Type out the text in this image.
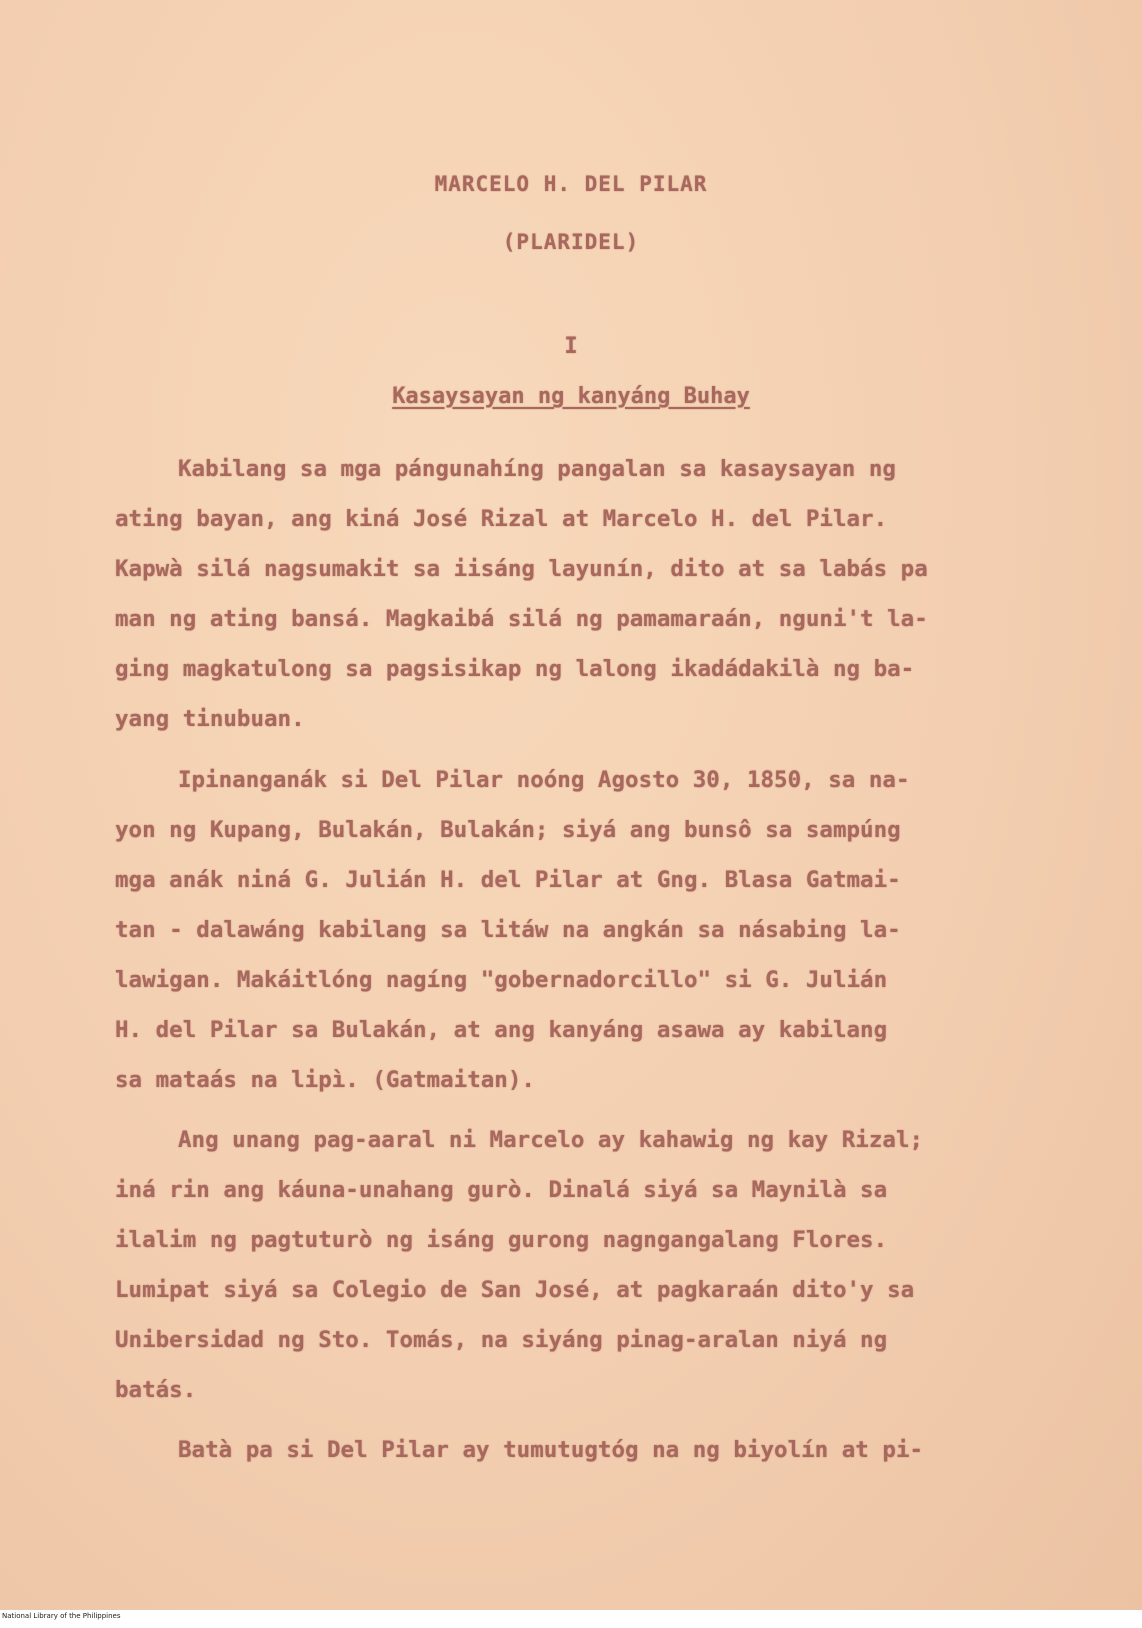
MARCELO H. DEL PILAR
(PLARIDEL)
I
Kasaysayan ng kanyáng Buhay
Kabilang sa mga pángunahíng pangalan sa kasaysayan ng
ating bayan, ang kiná José Rizal at Marcelo H. del Pilar.
Kapwà silá nagsumakit sa iisáng layunín, dito at sa labás pa
man ng ating bansá. Magkaibá silá ng pamamaraán, nguni't la-
ging magkatulong sa pagsisikap ng lalong ikadádakilà ng ba-
yang tinubuan.
Ipinanganák si Del Pilar noóng Agosto 30, 1850, sa na-
yon ng Kupang, Bulakán, Bulakán; siyá ang bunsô sa sampúng
mga anák niná G. Julián H. del Pilar at Gng. Blasa Gatmai-
tan - dalawáng kabilang sa litáw na angkán sa násabing la-
lawigan. Makáitlóng nagíng "gobernadorcillo" si G. Julián
H. del Pilar sa Bulakán, at ang kanyáng asawa ay kabilang
sa mataás na lipì. (Gatmaitan).
Ang unang pag-aaral ni Marcelo ay kahawig ng kay Rizal;
iná rin ang káuna-unahang gurò. Dinalá siyá sa Maynilà sa
ilalim ng pagtuturò ng isáng gurong nagngangalang Flores.
Lumipat siyá sa Colegio de San José, at pagkaraán dito'y sa
Unibersidad ng Sto. Tomás, na siyáng pinag-aralan niyá ng
batás.
Batà pa si Del Pilar ay tumutugtóg na ng biyolín at pi-
National Library of the Philippines
